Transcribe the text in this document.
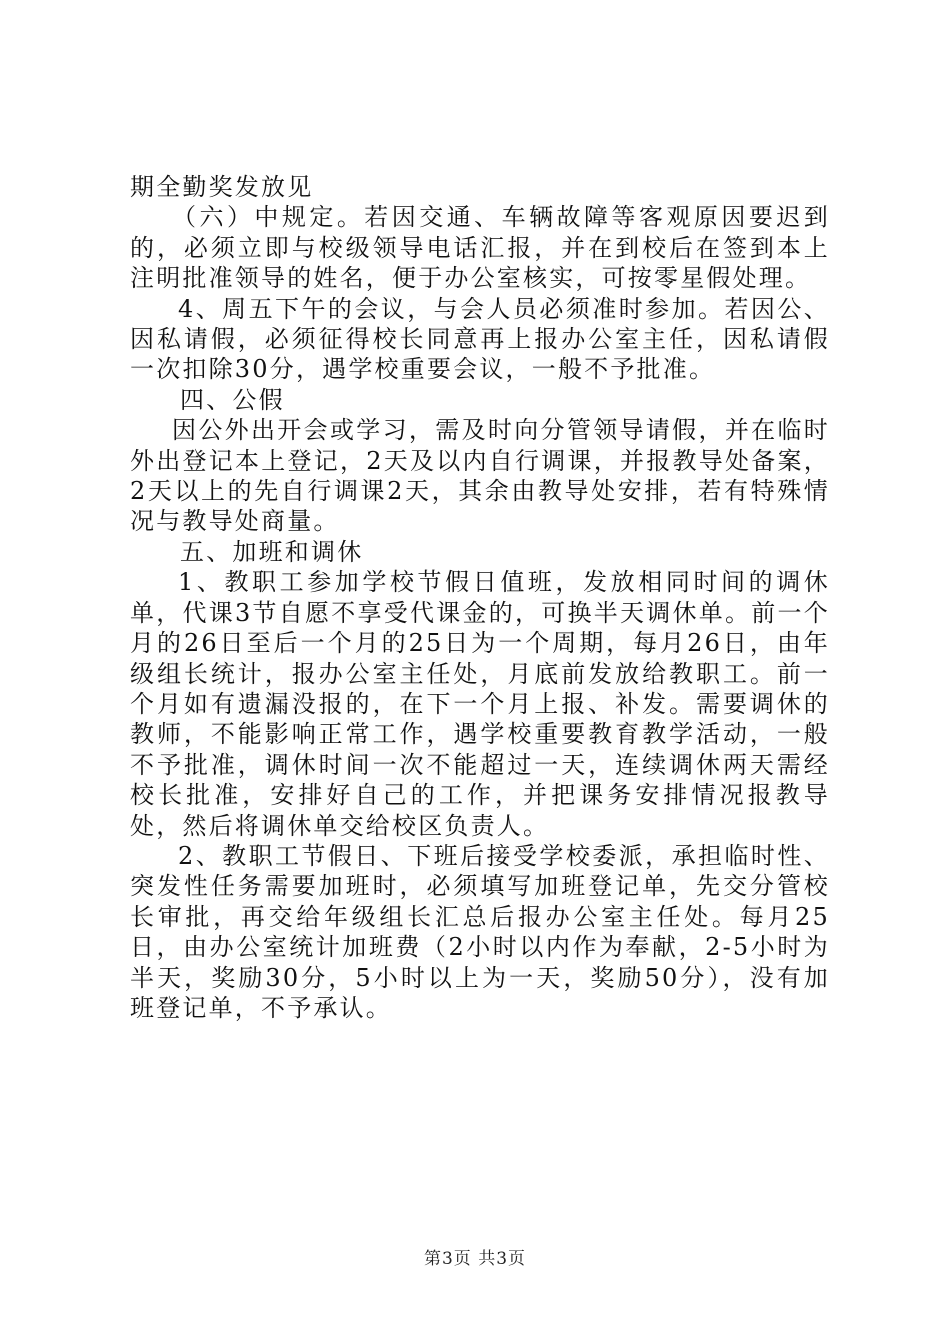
期全勤奖发放见

（六）中规定。若因交通、车辆故障等客观原因要迟到的，必须立即与校级领导电话汇报，并在到校后在签到本上注明批准领导的姓名，便于办公室核实，可按零星假处理。

4、周五下午的会议，与会人员必须准时参加。若因公、因私请假，必须征得校长同意再上报办公室主任，因私请假一次扣除30分，遇学校重要会议，一般不予批准。

四、公假

因公外出开会或学习，需及时向分管领导请假，并在临时外出登记本上登记，2天及以内自行调课，并报教导处备案，2天以上的先自行调课2天，其余由教导处安排，若有特殊情况与教导处商量。

五、加班和调休

1、教职工参加学校节假日值班，发放相同时间的调休单，代课3节自愿不享受代课金的，可换半天调休单。前一个月的26日至后一个月的25日为一个周期，每月26日，由年级组长统计，报办公室主任处，月底前发放给教职工。前一个月如有遗漏没报的，在下一个月上报、补发。需要调休的教师，不能影响正常工作，遇学校重要教育教学活动，一般不予批准，调休时间一次不能超过一天，连续调休两天需经校长批准，安排好自己的工作，并把课务安排情况报教导处，然后将调休单交给校区负责人。

2、教职工节假日、下班后接受学校委派，承担临时性、突发性任务需要加班时，必须填写加班登记单，先交分管校长审批，再交给年级组长汇总后报办公室主任处。每月25日，由办公室统计加班费（2小时以内作为奉献，2-5小时为半天，奖励30分，5小时以上为一天，奖励50分），没有加班登记单，不予承认。

第3页 共3页
